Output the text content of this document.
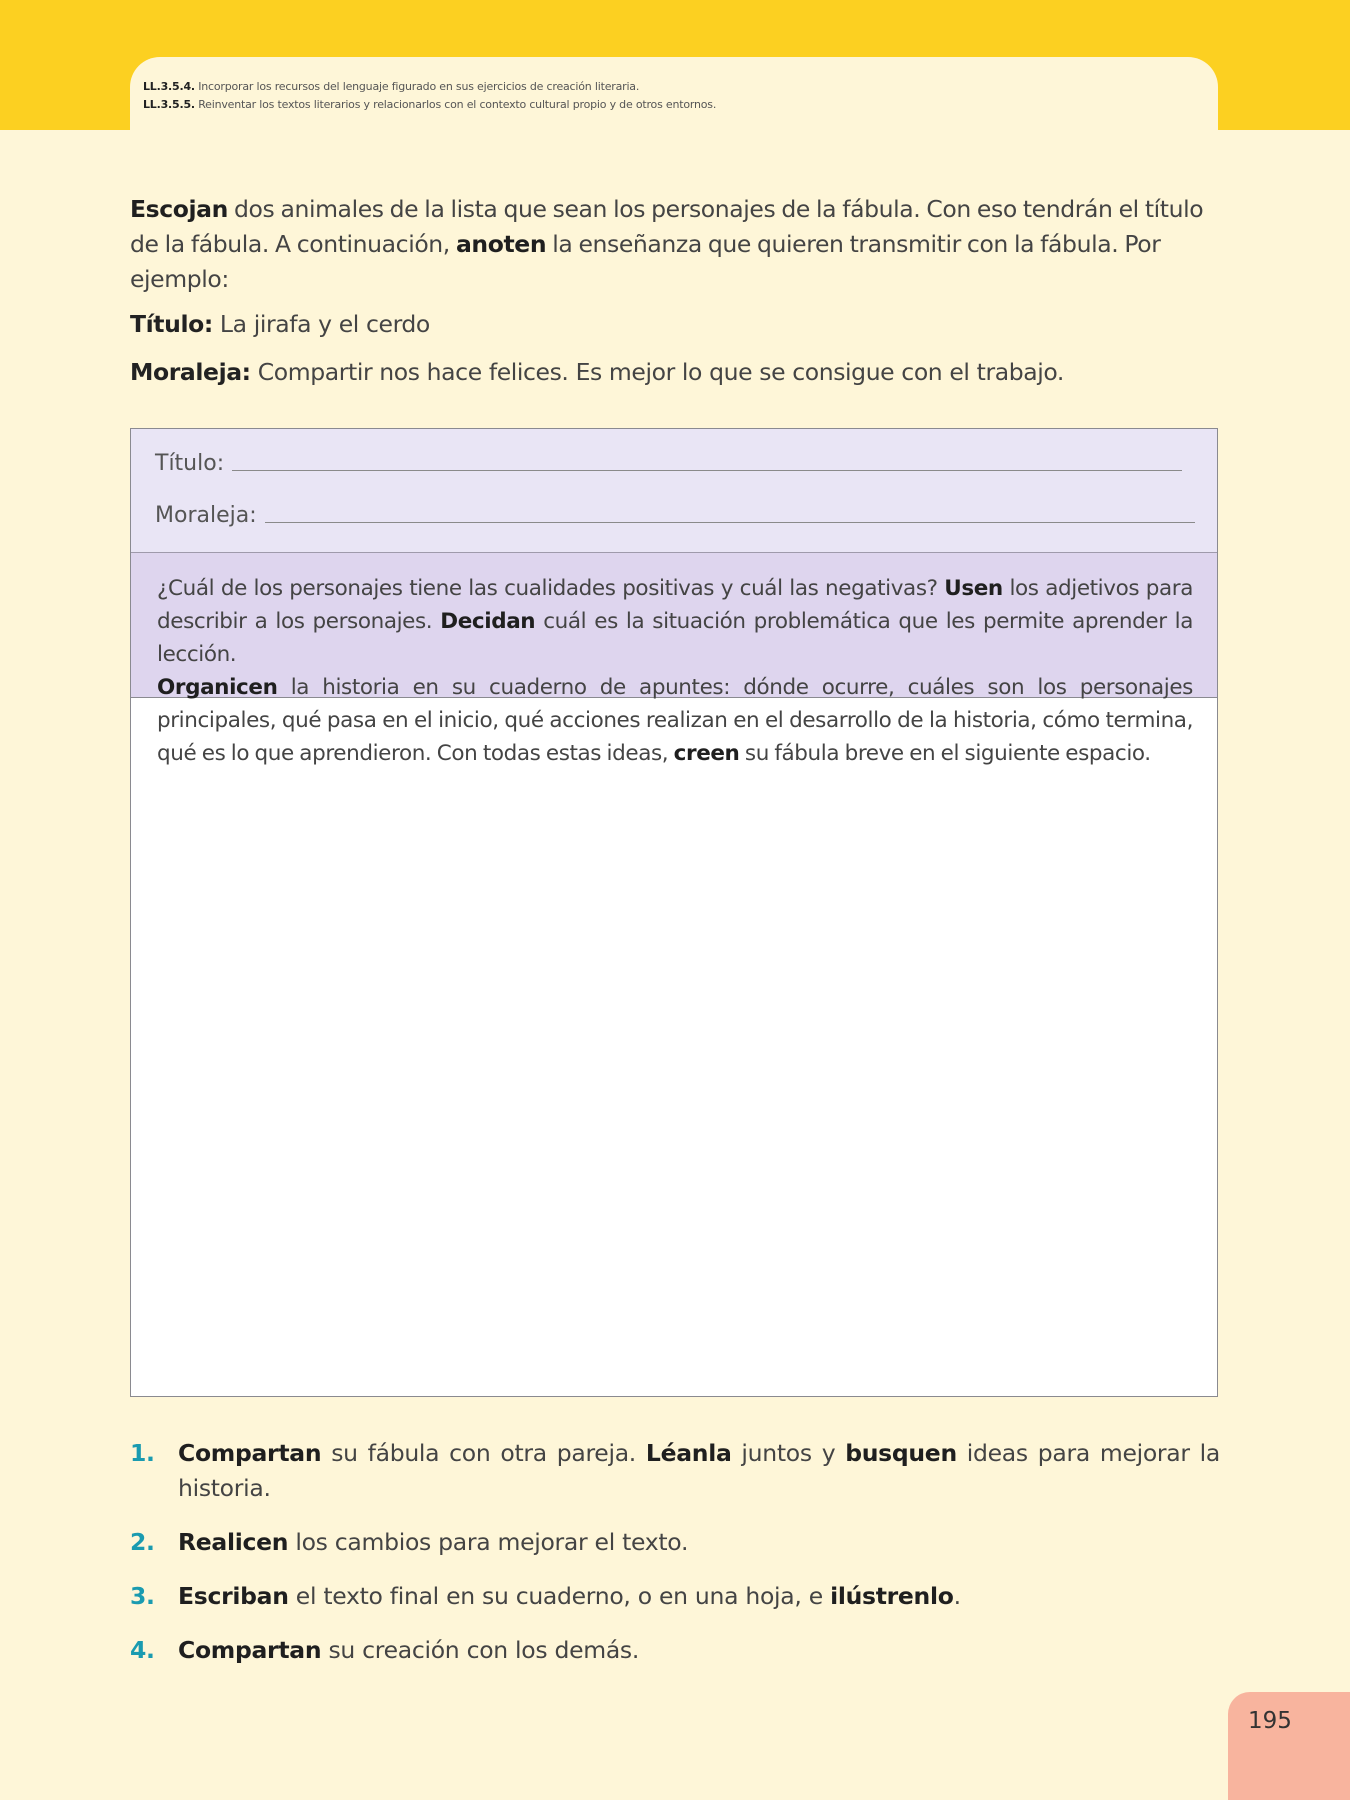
LL.3.5.4. Incorporar los recursos del lenguaje figurado en sus ejercicios de creación literaria.
LL.3.5.5. Reinventar los textos literarios y relacionarlos con el contexto cultural propio y de otros entornos.

Escojan dos animales de la lista que sean los personajes de la fábula. Con eso tendrán el título de la fábula. A continuación, anoten la enseñanza que quieren transmitir con la fábula. Por ejemplo:

Título: La jirafa y el cerdo
Moraleja: Compartir nos hace felices. Es mejor lo que se consigue con el trabajo.
Título:
Moraleja:

¿Cuál de los personajes tiene las cualidades positivas y cuál las negativas? Usen los adjetivos para describir a los personajes. Decidan cuál es la situación problemática que les permite aprender la lección.
Organicen la historia en su cuaderno de apuntes: dónde ocurre, cuáles son los personajes principales, qué pasa en el inicio, qué acciones realizan en el desarrollo de la historia, cómo termina, qué es lo que aprendieron. Con todas estas ideas, creen su fábula breve en el siguiente espacio.

1. Compartan su fábula con otra pareja. Léanla juntos y busquen ideas para mejorar la historia.
2. Realicen los cambios para mejorar el texto.
3. Escriban el texto final en su cuaderno, o en una hoja, e ilústrenlo.
4. Compartan su creación con los demás.
195
